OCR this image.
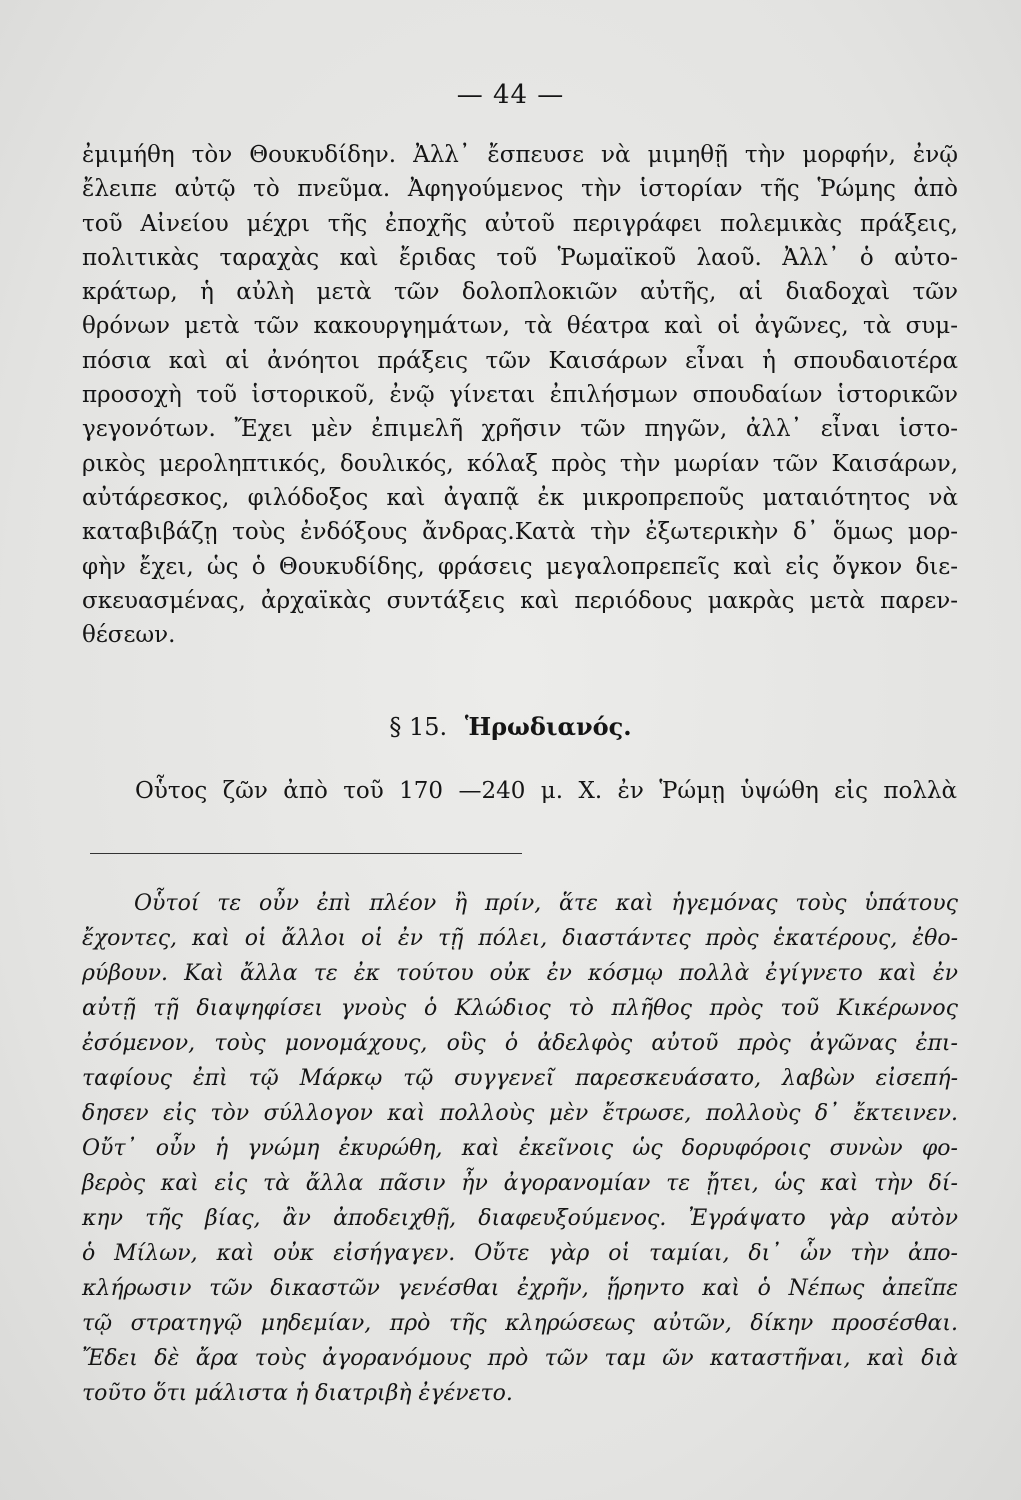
— 44 —
ἐμιμήθη τὸν Θουκυδίδην. Ἀλλ᾽ ἔσπευσε νὰ μιμηθῇ τὴν μορφήν, ἐνῷ
ἔλειπε αὐτῷ τὸ πνεῦμα. Ἀφηγούμενος τὴν ἱστορίαν τῆς Ῥώμης ἀπὸ
τοῦ Αἰνείου μέχρι τῆς ἐποχῆς αὐτοῦ περιγράφει πολεμικὰς πράξεις,
πολιτικὰς ταραχὰς καὶ ἔριδας τοῦ Ῥωμαϊκοῦ λαοῦ. Ἀλλ᾽ ὁ αὐτο-
κράτωρ, ἡ αὐλὴ μετὰ τῶν δολοπλοκιῶν αὐτῆς, αἱ διαδοχαὶ τῶν
θρόνων μετὰ τῶν κακουργημάτων, τὰ θέατρα καὶ οἱ ἀγῶνες, τὰ συμ-
πόσια καὶ αἱ ἀνόητοι πράξεις τῶν Καισάρων εἶναι ἡ σπουδαιοτέρα
προσοχὴ τοῦ ἱστορικοῦ, ἐνῷ γίνεται ἐπιλήσμων σπουδαίων ἱστορικῶν
γεγονότων. Ἔχει μὲν ἐπιμελῆ χρῆσιν τῶν πηγῶν, ἀλλ᾽ εἶναι ἱστο-
ρικὸς μεροληπτικός, δουλικός, κόλαξ πρὸς τὴν μωρίαν τῶν Καισάρων,
αὐτάρεσκος, φιλόδοξος καὶ ἀγαπᾷ ἐκ μικροπρεποῦς ματαιότητος νὰ
καταβιβάζῃ τοὺς ἐνδόξους ἄνδρας.Κατὰ τὴν ἐξωτερικὴν δ᾽ ὅμως μορ-
φὴν ἔχει, ὡς ὁ Θουκυδίδης, φράσεις μεγαλοπρεπεῖς καὶ εἰς ὄγκον διε-
σκευασμένας, ἀρχαϊκὰς συντάξεις καὶ περιόδους μακρὰς μετὰ παρεν-
θέσεων.
§ 15. Ἡρωδιανός.
Οὗτος ζῶν ἀπὸ τοῦ 170 —240 μ. Χ. ἐν Ῥώμῃ ὑψώθη εἰς πολλὰ
Οὗτοί τε οὖν ἐπὶ πλέον ἢ πρίν, ἅτε καὶ ἡγεμόνας τοὺς ὑπάτους
ἔχοντες, καὶ οἱ ἄλλοι οἱ ἐν τῇ πόλει, διαστάντες πρὸς ἑκατέρους, ἐθο-
ρύβουν. Καὶ ἄλλα τε ἐκ τούτου οὐκ ἐν κόσμῳ πολλὰ ἐγίγνετο καὶ ἐν
αὐτῇ τῇ διαψηφίσει γνοὺς ὁ Κλώδιος τὸ πλῆθος πρὸς τοῦ Κικέρωνος
ἐσόμενον, τοὺς μονομάχους, οὓς ὁ ἀδελφὸς αὐτοῦ πρὸς ἀγῶνας ἐπι-
ταφίους ἐπὶ τῷ Μάρκῳ τῷ συγγενεῖ παρεσκευάσατο, λαβὼν εἰσεπή-
δησεν εἰς τὸν σύλλογον καὶ πολλοὺς μὲν ἔτρωσε, πολλοὺς δ᾽ ἔκτεινεν.
Οὔτ᾽ οὖν ἡ γνώμη ἐκυρώθη, καὶ ἐκεῖνοις ὡς δορυφόροις συνὼν φο-
βερὸς καὶ εἰς τὰ ἄλλα πᾶσιν ἦν ἀγορανομίαν τε ᾔτει, ὡς καὶ τὴν δί-
κην τῆς βίας, ἂν ἀποδειχθῇ, διαφευξούμενος. Ἐγράψατο γὰρ αὐτὸν
ὁ Μίλων, καὶ οὐκ εἰσήγαγεν. Οὔτε γὰρ οἱ ταμίαι, δι᾽ ὧν τὴν ἀπο-
κλήρωσιν τῶν δικαστῶν γενέσθαι ἐχρῆν, ᾕρηντο καὶ ὁ Νέπως ἀπεῖπε
τῷ στρατηγῷ μηδεμίαν, πρὸ τῆς κληρώσεως αὐτῶν, δίκην προσέσθαι.
Ἔδει δὲ ἄρα τοὺς ἀγορανόμους πρὸ τῶν ταμ ῶν καταστῆναι, καὶ διὰ
τοῦτο ὅτι μάλιστα ἡ διατριβὴ ἐγένετο.
